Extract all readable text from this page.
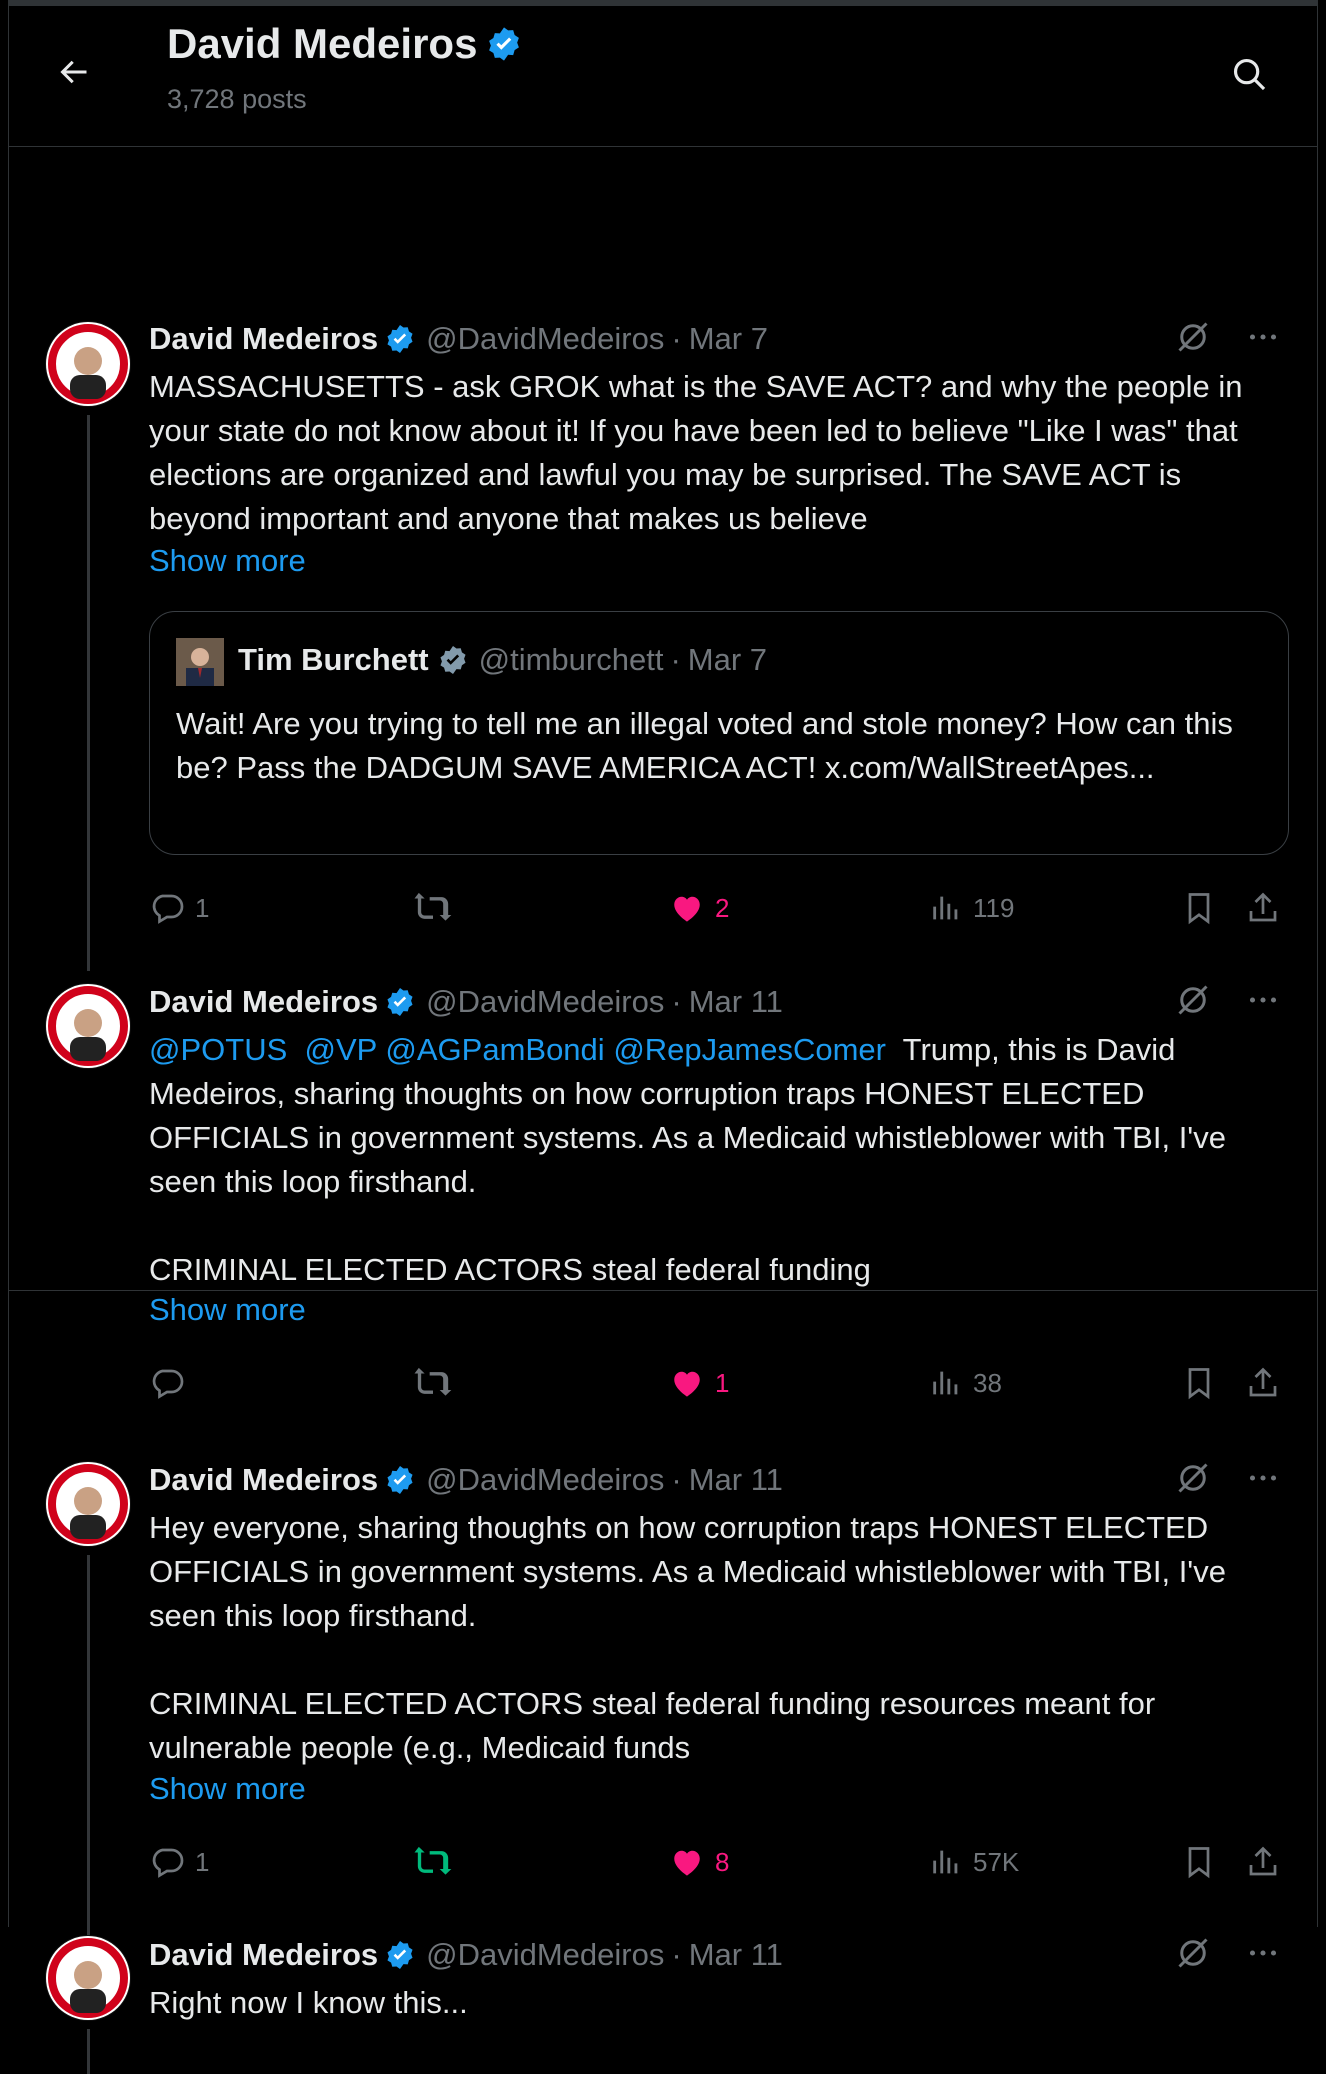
David Medeiros
3,728 posts
David Medeiros @DavidMedeiros · Mar 7
MASSACHUSETTS - ask GROK what is the SAVE ACT? and why the people in your state do not know about it! If you have been led to believe "Like I was" that elections are organized and lawful you may be surprised. The SAVE ACT is beyond important and anyone that makes us believe
Show more
Tim Burchett @timburchett · Mar 7
Wait! Are you trying to tell me an illegal voted and stole money? How can this be? Pass the DADGUM SAVE AMERICA ACT! x.com/WallStreetApes...
1	2	119
David Medeiros @DavidMedeiros · Mar 11
@POTUS @VP @AGPamBondi @RepJamesComer Trump, this is David Medeiros, sharing thoughts on how corruption traps HONEST ELECTED OFFICIALS in government systems. As a Medicaid whistleblower with TBI, I've seen this loop firsthand.

CRIMINAL ELECTED ACTORS steal federal funding
Show more
1	38
David Medeiros @DavidMedeiros · Mar 11
Hey everyone, sharing thoughts on how corruption traps HONEST ELECTED OFFICIALS in government systems. As a Medicaid whistleblower with TBI, I've seen this loop firsthand.

CRIMINAL ELECTED ACTORS steal federal funding resources meant for vulnerable people (e.g., Medicaid funds
Show more
1	8	57K
David Medeiros @DavidMedeiros · Mar 11
Right now I know this...
